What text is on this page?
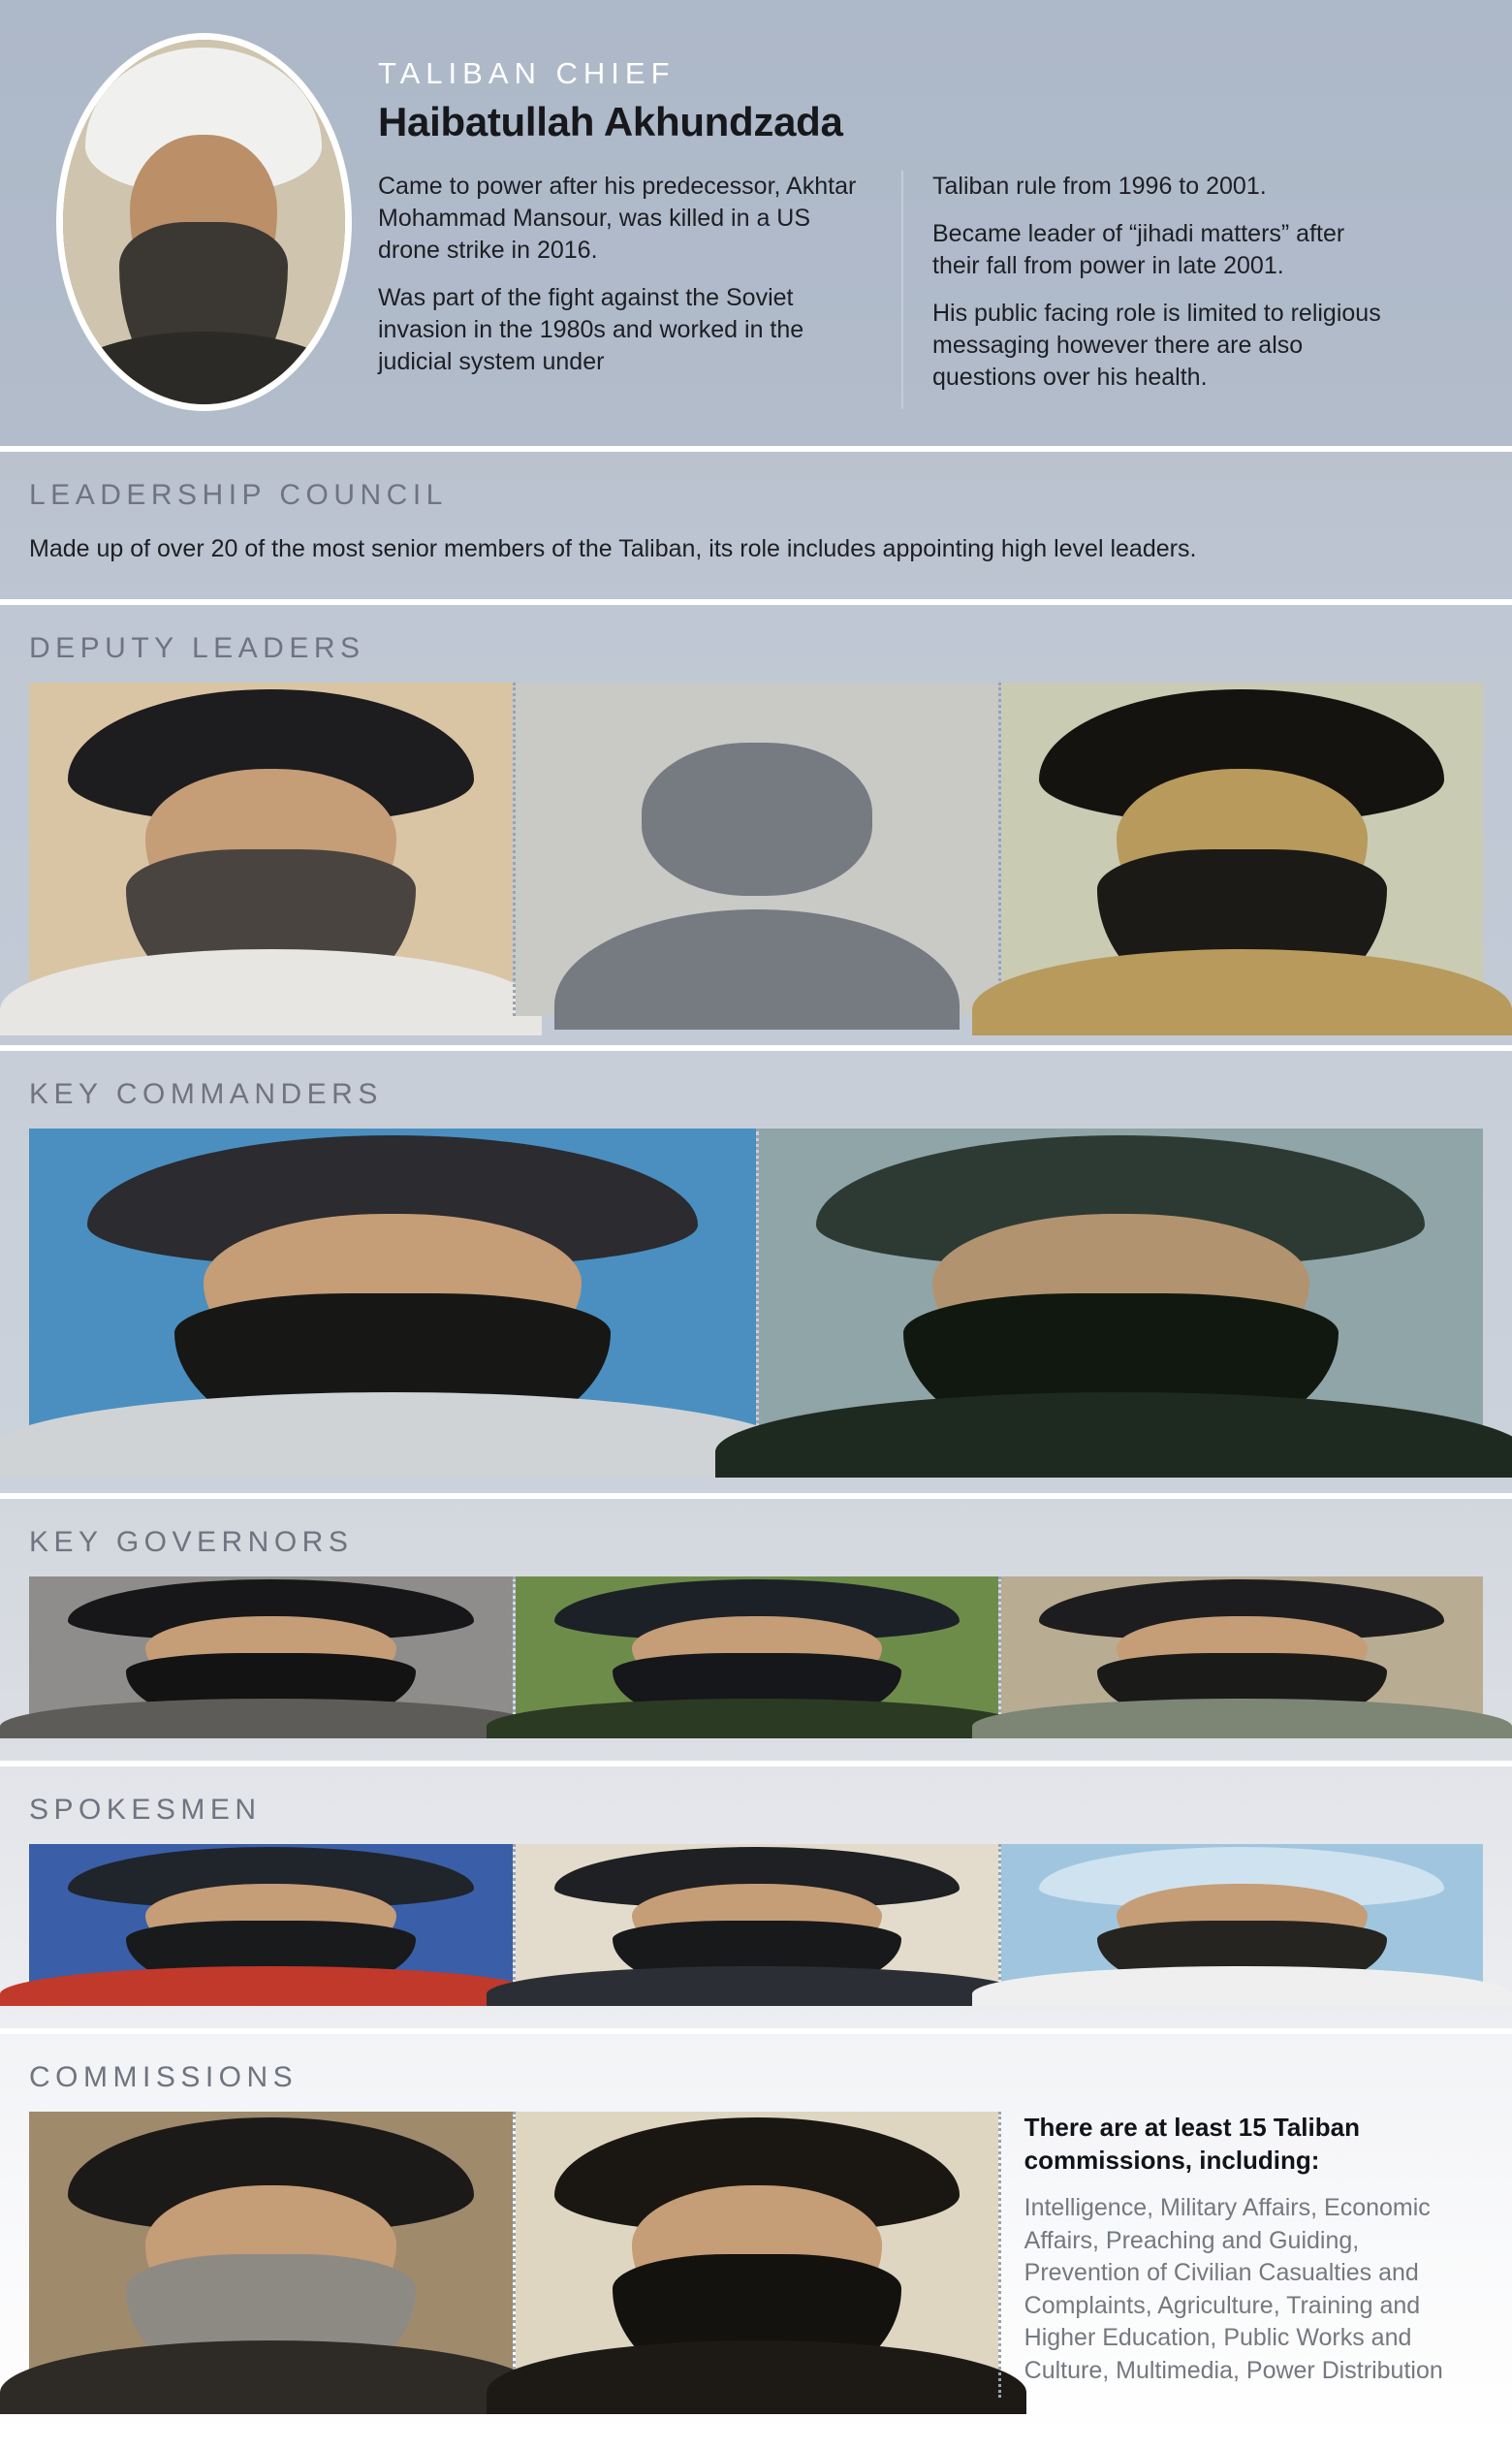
TALIBAN CHIEF
Haibatullah Akhundzada

Came to power after his predecessor, Akhtar Mohammad Mansour, was killed in a US drone strike in 2016.

Was part of the fight against the Soviet invasion in the 1980s and worked in the judicial system under

Taliban rule from 1996 to 2001.

Became leader of “jihadi matters” after their fall from power in late 2001.

His public facing role is limited to religious messaging however there are also questions over his health.

LEADERSHIP COUNCIL

Made up of over 20 of the most senior members of the Taliban, its role includes appointing high level leaders.

DEPUTY LEADERS

KEY COMMANDERS

KEY GOVERNORS
SPOKESMEN
COMMISSIONS

There are at least 15 Taliban commissions, including:
Intelligence, Military Affairs, Economic Affairs, Preaching and Guiding, Prevention of Civilian Casualties and Complaints, Agriculture, Training and Higher Education, Public Works and Culture, Multimedia, Power Distribution
